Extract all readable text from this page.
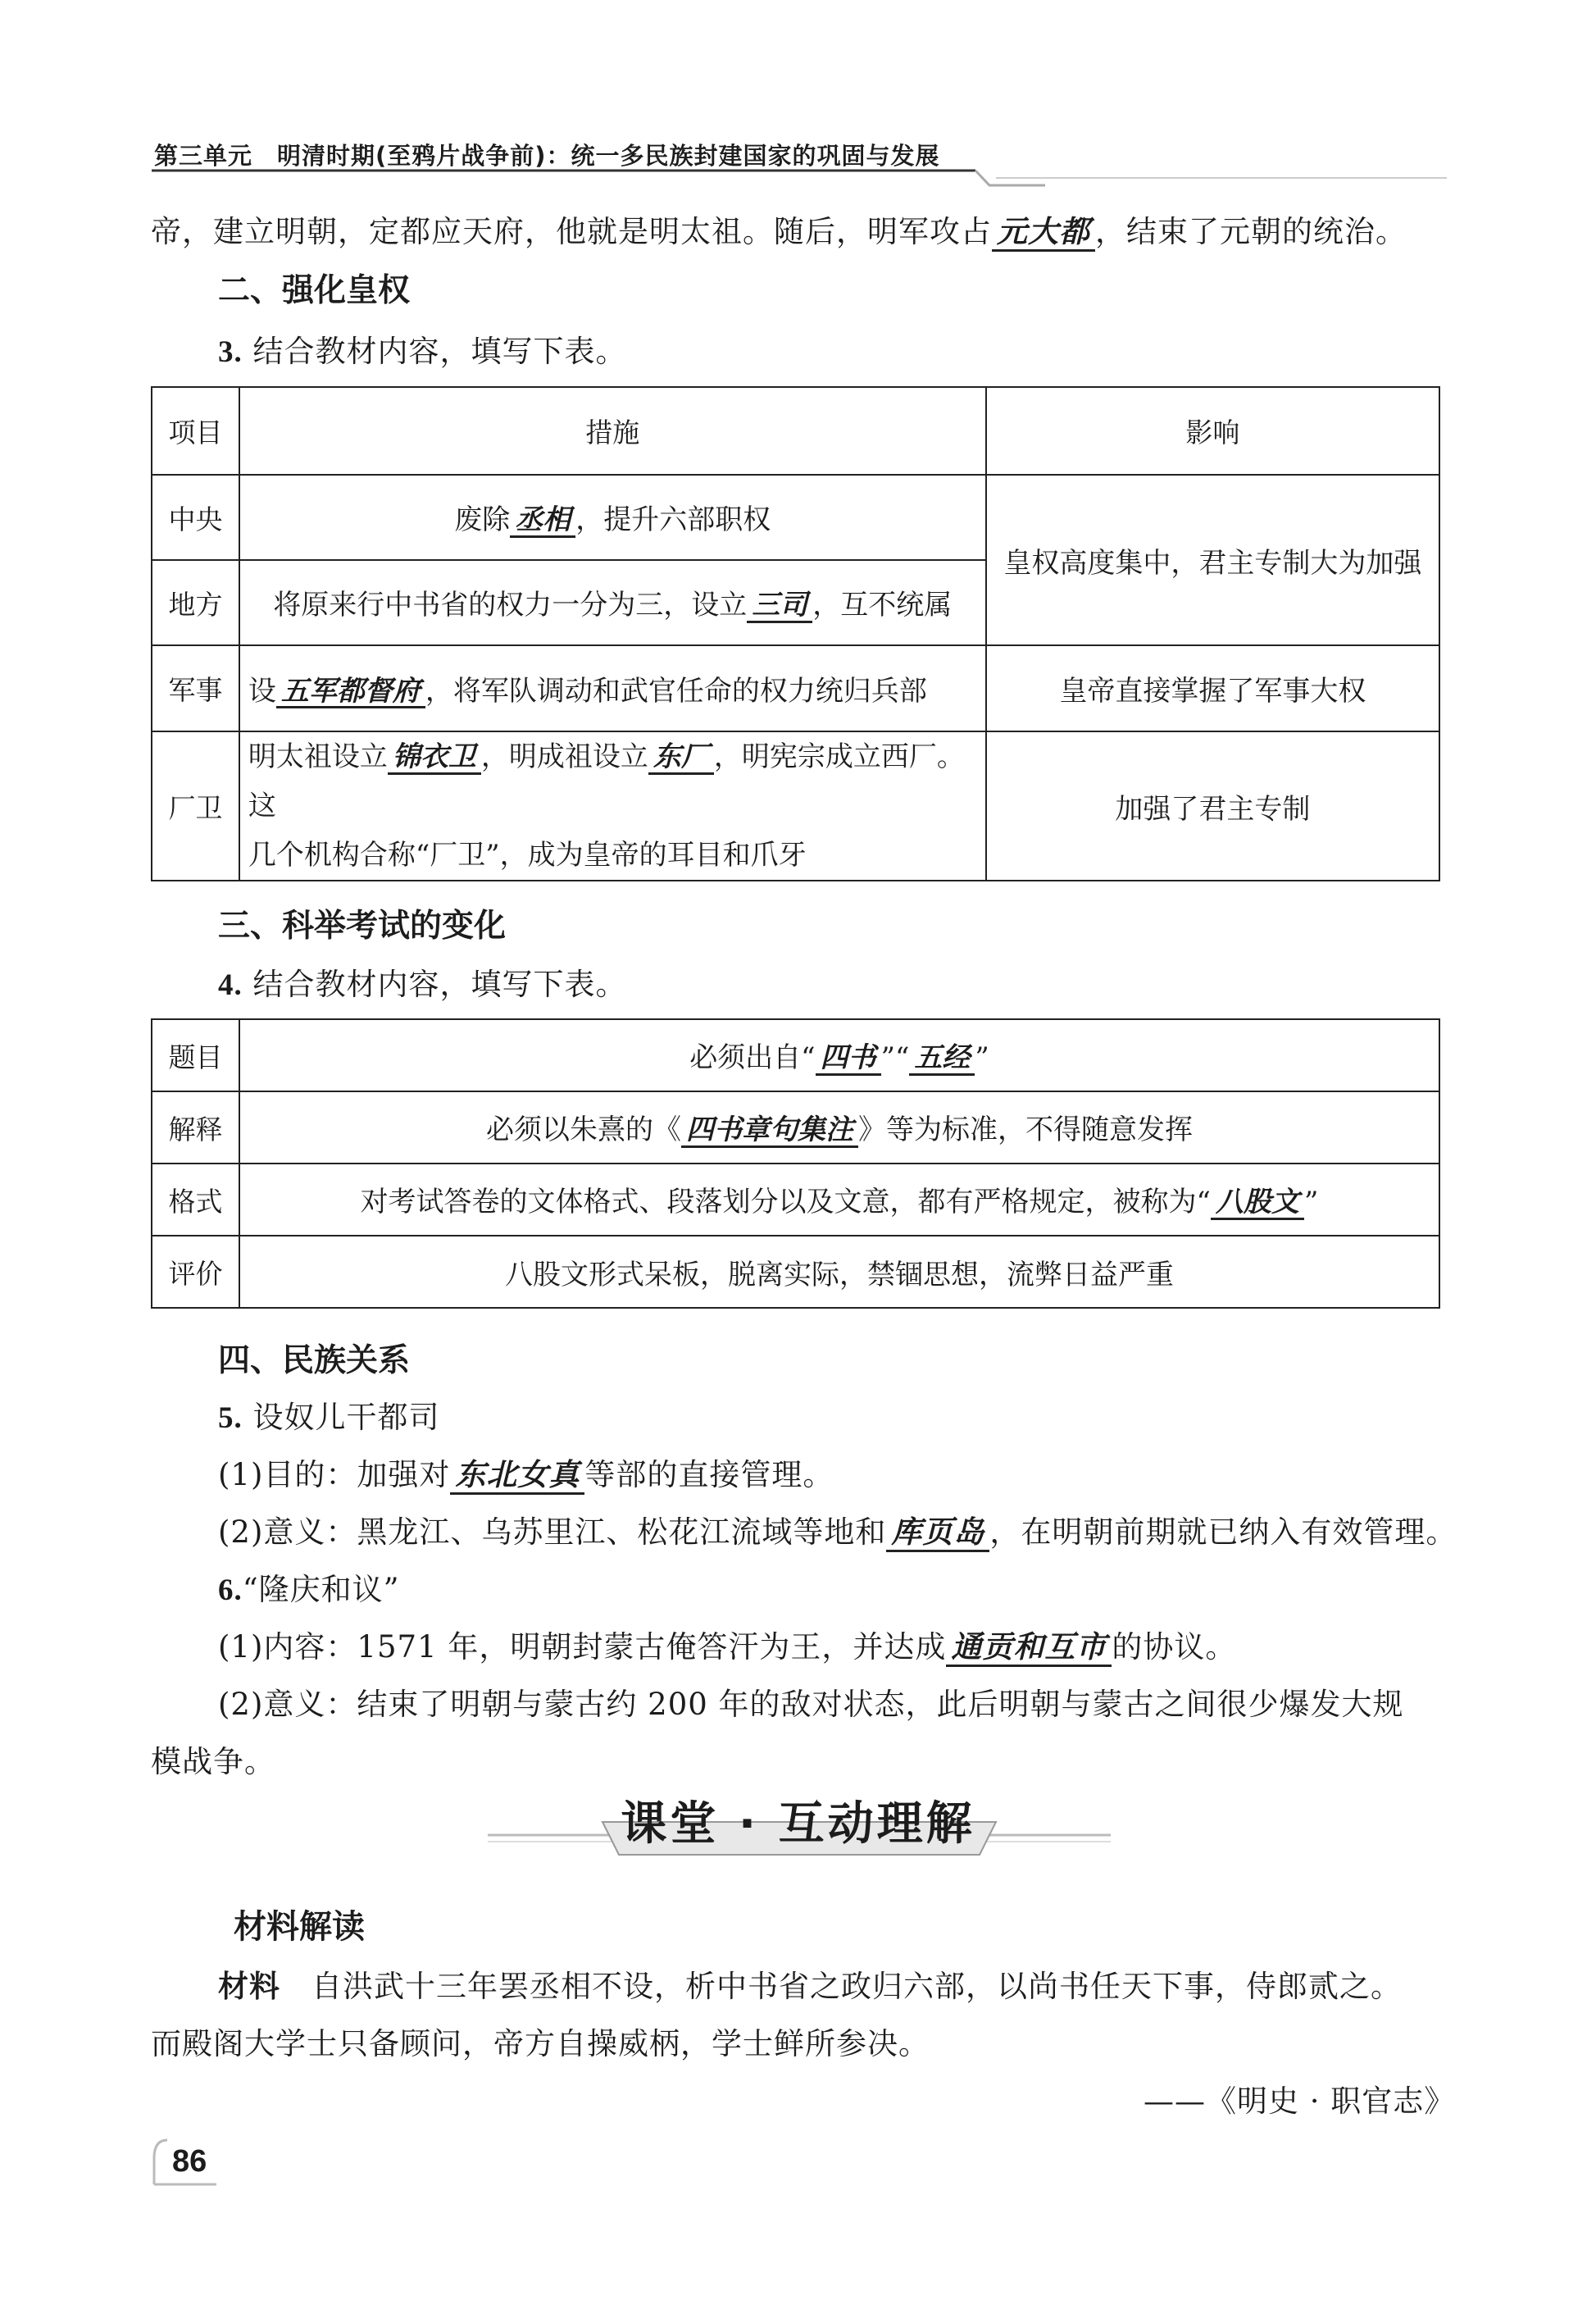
第三单元　明清时期(至鸦片战争前)：统一多民族封建国家的巩固与发展
帝，建立明朝，定都应天府，他就是明太祖。随后，明军攻占 元大都 ，结束了元朝的统治。
二、强化皇权
3. 结合教材内容，填写下表。
项目	措施	影响
中央	废除 丞相 ，提升六部职权	皇权高度集中，君主专制大为加强
地方	将原来行中书省的权力一分为三，设立 三司 ，互不统属	
军事	设 五军都督府 ，将军队调动和武官任命的权力统归兵部	皇帝直接掌握了军事大权
厂卫	明太祖设立 锦衣卫 ，明成祖设立 东厂 ，明宪宗成立西厂。这
几个机构合称“厂卫”，成为皇帝的耳目和爪牙	加强了君主专制
三、科举考试的变化
4. 结合教材内容，填写下表。
题目	必须出自“ 四书 ”“ 五经 ”
解释	必须以朱熹的《 四书章句集注 》等为标准，不得随意发挥
格式	对考试答卷的文体格式、段落划分以及文意，都有严格规定，被称为“ 八股文 ”
评价	八股文形式呆板，脱离实际，禁锢思想，流弊日益严重
四、民族关系
5. 设奴儿干都司
(1)目的：加强对 东北女真 等部的直接管理。
(2)意义：黑龙江、乌苏里江、松花江流域等地和 库页岛 ，在明朝前期就已纳入有效管理。
6.“隆庆和议”
(1)内容：1571 年，明朝封蒙古俺答汗为王，并达成 通贡和互市 的协议。
(2)意义：结束了明朝与蒙古约 200 年的敌对状态，此后明朝与蒙古之间很少爆发大规
模战争。
课堂 · 互动理解
材料解读
材料　自洪武十三年罢丞相不设，析中书省之政归六部，以尚书任天下事，侍郎贰之。
而殿阁大学士只备顾问，帝方自操威柄，学士鲜所参决。
——《明史 · 职官志》
86
